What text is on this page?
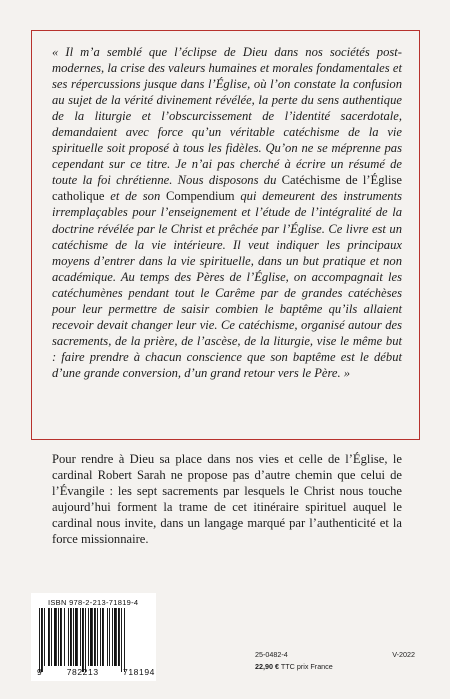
« Il m’a semblé que l’éclipse de Dieu dans nos sociétés post-modernes, la crise des valeurs humaines et morales fondamentales et ses répercussions jusque dans l’Église, où l’on constate la confusion au sujet de la vérité divinement révélée, la perte du sens authentique de la liturgie et l’obscurcissement de l’identité sacerdotale, demandaient avec force qu’un véritable catéchisme de la vie spirituelle soit proposé à tous les fidèles. Qu’on ne se méprenne pas cependant sur ce titre. Je n’ai pas cherché à écrire un résumé de toute la foi chrétienne. Nous disposons du Catéchisme de l’Église catholique et de son Compendium qui demeurent des instruments irremplaçables pour l’enseignement et l’étude de l’intégralité de la doctrine révélée par le Christ et prêchée par l’Église. Ce livre est un catéchisme de la vie intérieure. Il veut indiquer les principaux moyens d’entrer dans la vie spirituelle, dans un but pratique et non académique. Au temps des Pères de l’Église, on accompagnait les catéchumènes pendant tout le Carême par de grandes catéchèses pour leur permettre de saisir combien le baptême qu’ils allaient recevoir devait changer leur vie. Ce catéchisme, organisé autour des sacrements, de la prière, de l’ascèse, de la liturgie, vise le même but : faire prendre à chacun conscience que son baptême est le début d’une grande conversion, d’un grand retour vers le Père. »

Pour rendre à Dieu sa place dans nos vies et celle de l’Église, le cardinal Robert Sarah ne propose pas d’autre chemin que celui de l’Évangile : les sept sacrements par lesquels le Christ nous touche aujourd’hui forment la trame de cet itinéraire spirituel auquel le cardinal nous invite, dans un langage marqué par l’authenticité et la force missionnaire.

ISBN 978-2-213-71819-4
9	782213	718194
25-0482-4	V-2022
22,90 € TTC prix France
